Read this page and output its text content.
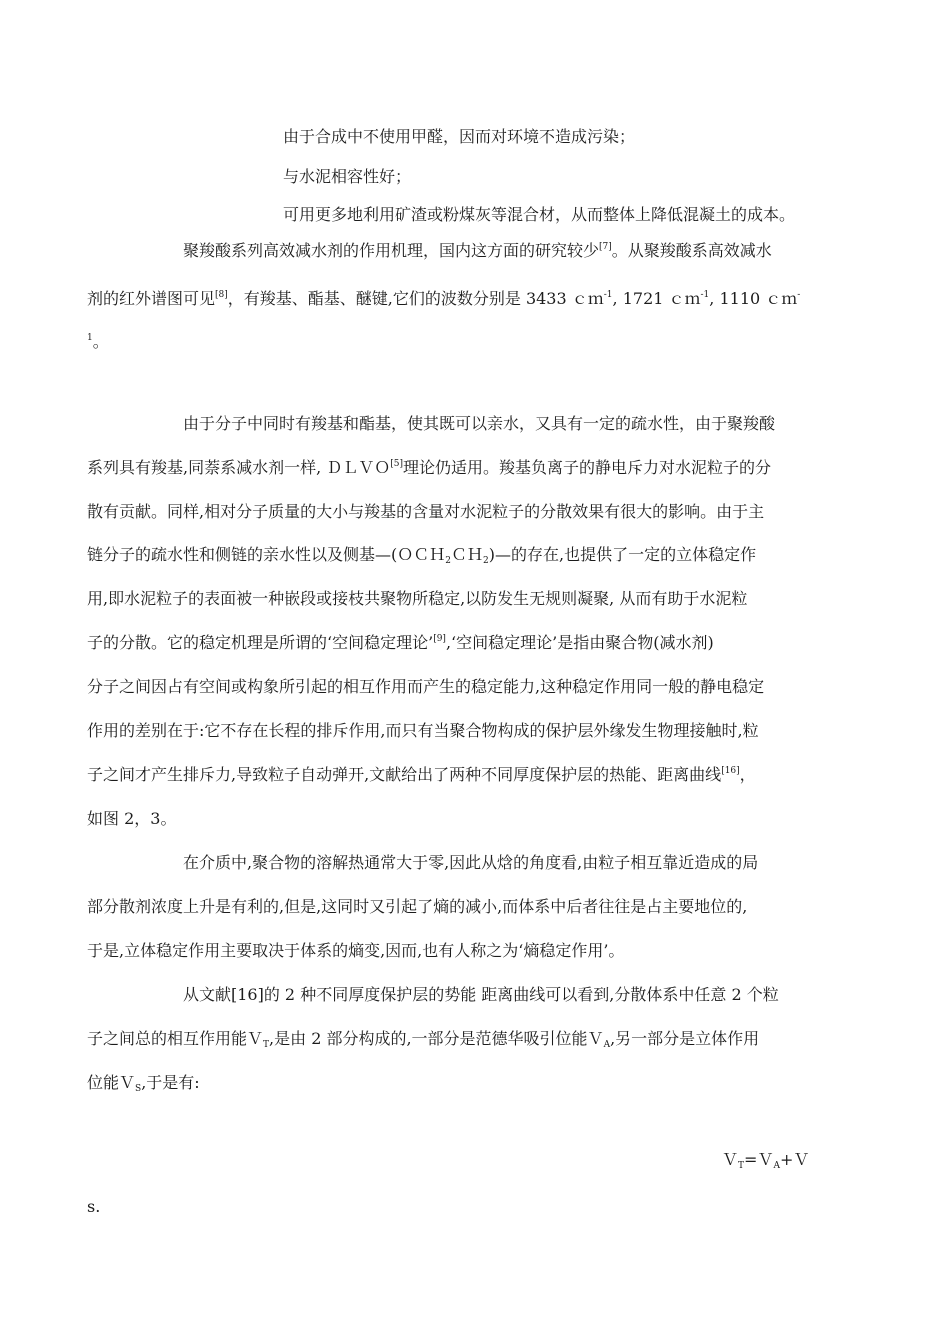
由于合成中不使用甲醛，因而对环境不造成污染；
与水泥相容性好；
可用更多地利用矿渣或粉煤灰等混合材，从而整体上降低混凝土的成本。
聚羧酸系列高效减水剂的作用机理，国内这方面的研究较少[7]。从聚羧酸系高效减水
剂的红外谱图可见[8]，有羧基、酯基、醚键,它们的波数分别是 3433 ｃｍ$^{-1}$, 1721 ｃｍ$^{-1}$, 1110 ｃｍ-
$^1$。
由于分子中同时有羧基和酯基，使其既可以亲水，又具有一定的疏水性，由于聚羧酸
系列具有羧基,同萘系减水剂一样, ＤＬＶＯ[5]理论仍适用。羧基负离子的静电斥力对水泥粒子的分
散有贡献。同样,相对分子质量的大小与羧基的含量对水泥粒子的分散效果有很大的影响。由于主
链分子的疏水性和侧链的亲水性以及侧基—(ＯＣＨ$_2$ＣＨ$_2$)—的存在,也提供了一定的立体稳定作
用,即水泥粒子的表面被一种嵌段或接枝共聚物所稳定,以防发生无规则凝聚, 从而有助于水泥粒
子的分散。它的稳定机理是所谓的‘空间稳定理论’[9],‘空间稳定理论’是指由聚合物(减水剂)
分子之间因占有空间或构象所引起的相互作用而产生的稳定能力,这种稳定作用同一般的静电稳定
作用的差别在于:它不存在长程的排斥作用,而只有当聚合物构成的保护层外缘发生物理接触时,粒
子之间才产生排斥力,导致粒子自动弹开,文献给出了两种不同厚度保护层的热能、距离曲线[16]，
如图 2，3。
在介质中,聚合物的溶解热通常大于零,因此从焓的角度看,由粒子相互靠近造成的局
部分散剂浓度上升是有利的,但是,这同时又引起了熵的减小,而体系中后者往往是占主要地位的,
于是,立体稳定作用主要取决于体系的熵变,因而,也有人称之为‘熵稳定作用’。
从文献[16]的 2 种不同厚度保护层的势能 距离曲线可以看到,分散体系中任意 2 个粒
子之间总的相互作用能Ｖ$_T$,是由 2 部分构成的,一部分是范德华吸引位能Ｖ$_A$,另一部分是立体作用
位能Ｖ$_S$,于是有:
Ｖ$_T$=Ｖ$_A$+Ｖ
s.
